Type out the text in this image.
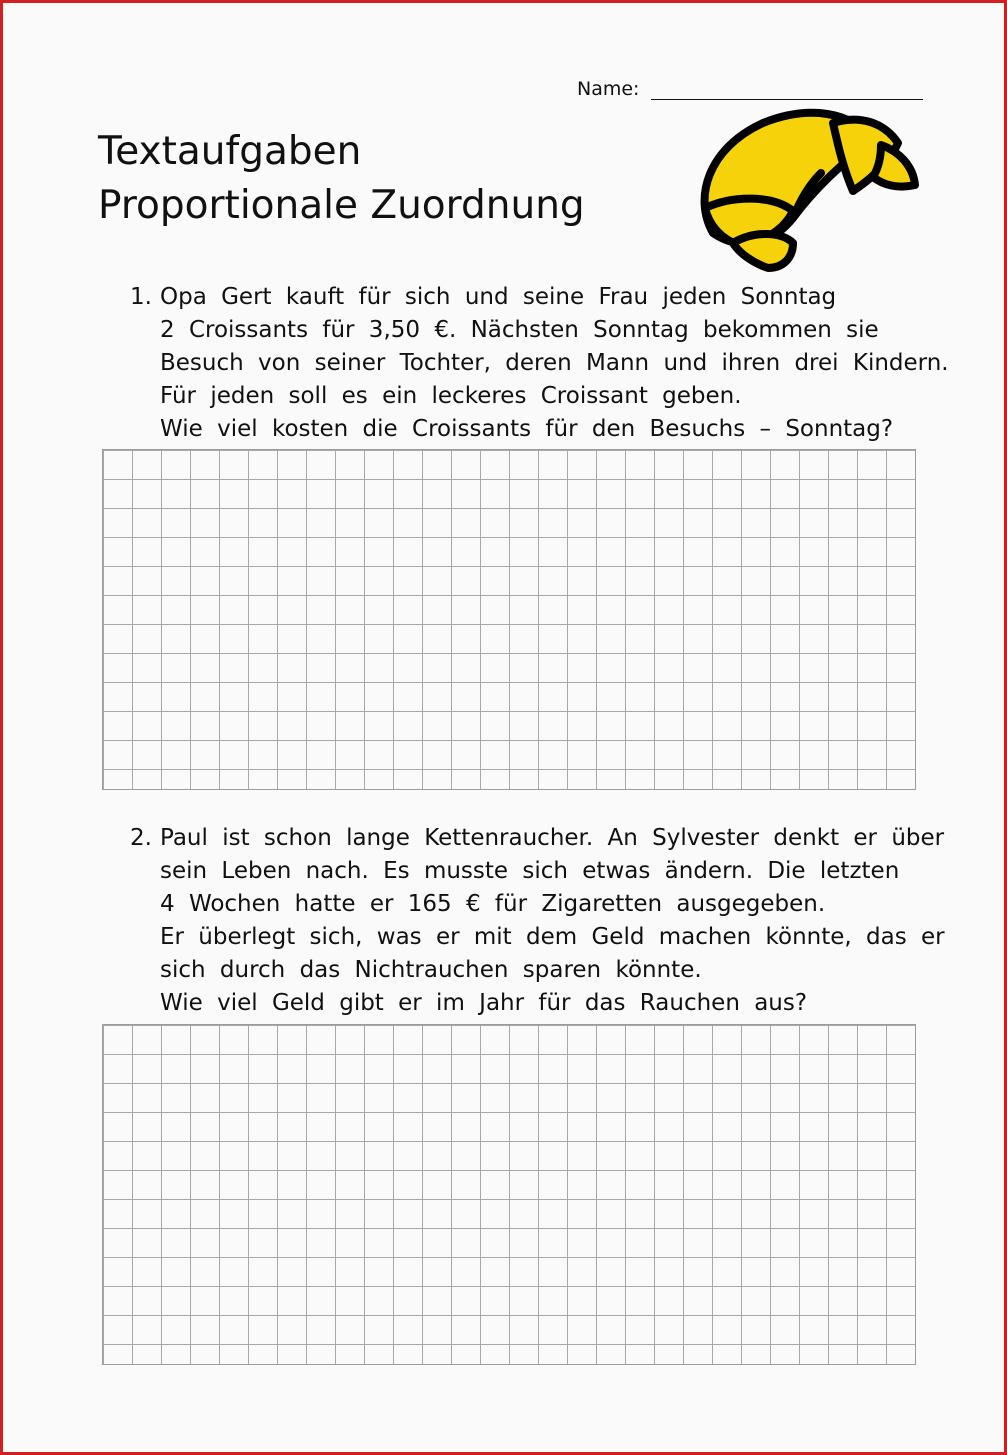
Name:
Textaufgaben
Proportionale Zuordnung
1. Opa Gert kauft für sich und seine Frau jeden Sonntag
2 Croissants für 3,50 €. Nächsten Sonntag bekommen sie
Besuch von seiner Tochter, deren Mann und ihren drei Kindern.
Für jeden soll es ein leckeres Croissant geben.
Wie viel kosten die Croissants für den Besuchs – Sonntag?
2. Paul ist schon lange Kettenraucher. An Sylvester denkt er über
sein Leben nach. Es musste sich etwas ändern. Die letzten
4 Wochen hatte er 165 € für Zigaretten ausgegeben.
Er überlegt sich, was er mit dem Geld machen könnte, das er
sich durch das Nichtrauchen sparen könnte.
Wie viel Geld gibt er im Jahr für das Rauchen aus?
